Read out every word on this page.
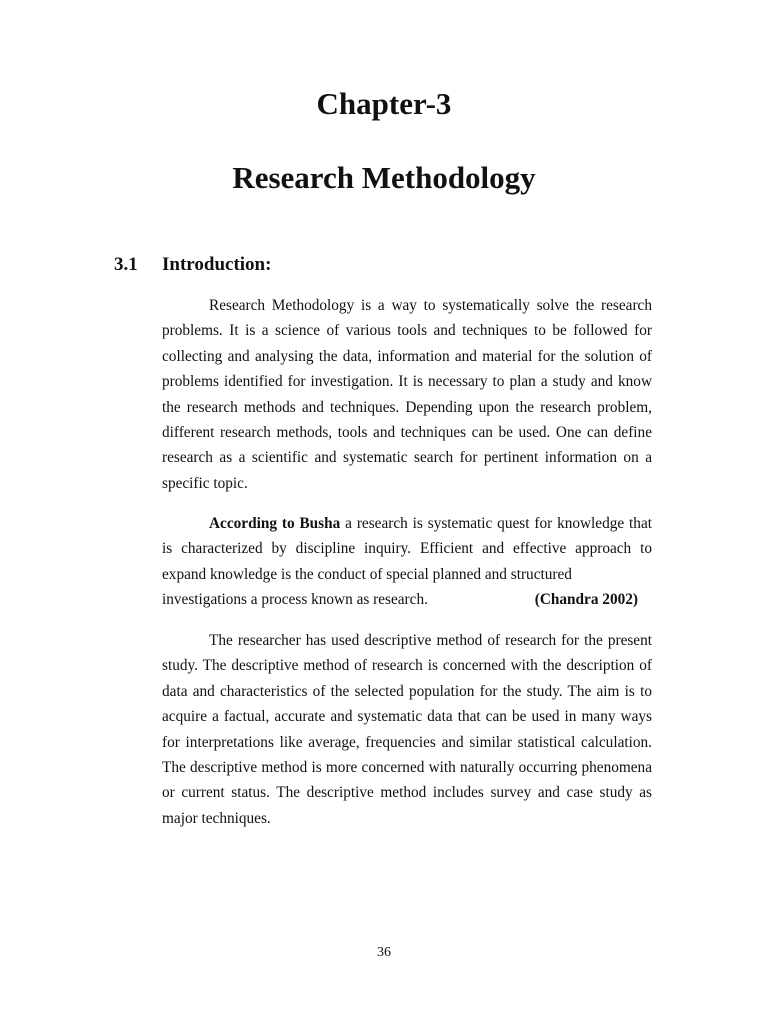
Chapter-3
Research Methodology
3.1	Introduction:

Research Methodology is a way to systematically solve the research problems. It is a science of various tools and techniques to be followed for collecting and analysing the data, information and material for the solution of problems identified for investigation. It is necessary to plan a study and know the research methods and techniques. Depending upon the research problem, different research methods, tools and techniques can be used. One can define research as a scientific and systematic search for pertinent information on a specific topic.

According to Busha a research is systematic quest for knowledge that is characterized by discipline inquiry. Efficient and effective approach to expand knowledge is the conduct of special planned and structured

investigations a process known as research.	(Chandra 2002)

The researcher has used descriptive method of research for the present study. The descriptive method of research is concerned with the description of data and characteristics of the selected population for the study. The aim is to acquire a factual, accurate and systematic data that can be used in many ways for interpretations like average, frequencies and similar statistical calculation. The descriptive method is more concerned with naturally occurring phenomena or current status. The descriptive method includes survey and case study as major techniques.

36
